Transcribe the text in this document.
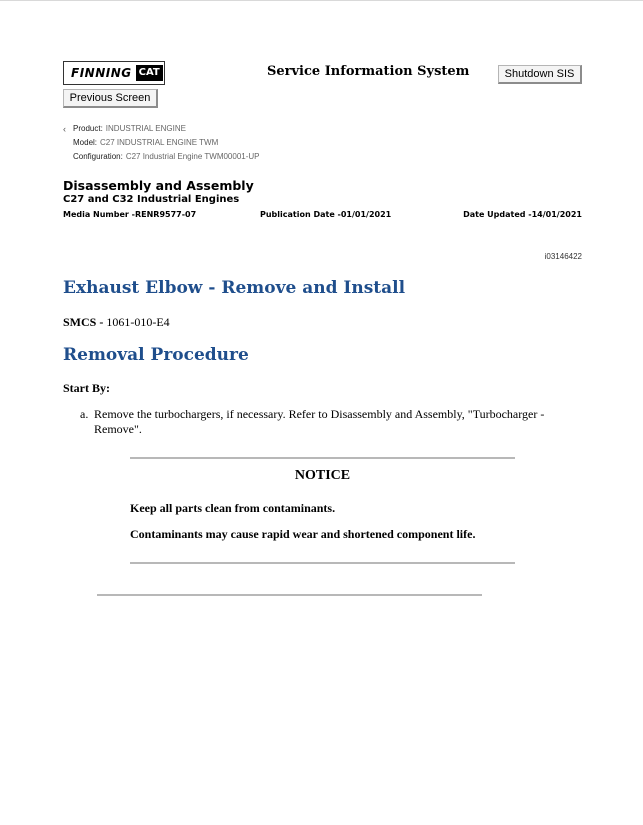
FINNING CAT	Service Information System	Shutdown SIS
Previous Screen
‹ Product: INDUSTRIAL ENGINE
Model: C27 INDUSTRIAL ENGINE TWM
Configuration: C27 Industrial Engine TWM00001-UP
Disassembly and Assembly
C27 and C32 Industrial Engines
Media Number -RENR9577-07	Publication Date -01/01/2021	Date Updated -14/01/2021
i03146422
Exhaust Elbow - Remove and Install
SMCS - 1061-010-E4
Removal Procedure
Start By:
a. Remove the turbochargers, if necessary. Refer to Disassembly and Assembly, "Turbocharger - Remove".
NOTICE
Keep all parts clean from contaminants.
Contaminants may cause rapid wear and shortened component life.
